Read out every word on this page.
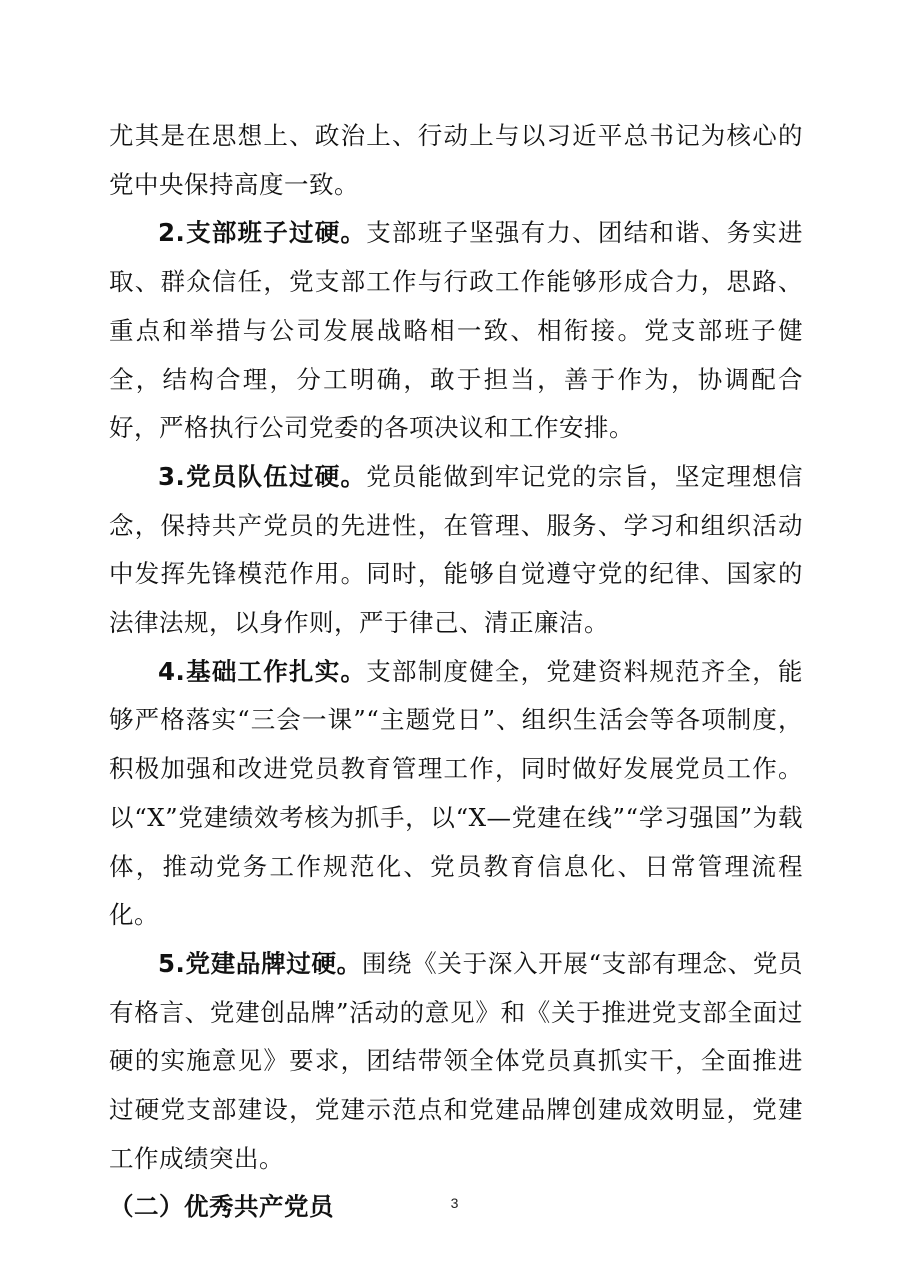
尤其是在思想上、政治上、行动上与以习近平总书记为核心的党中央保持高度一致。

2.支部班子过硬。支部班子坚强有力、团结和谐、务实进取、群众信任，党支部工作与行政工作能够形成合力，思路、重点和举措与公司发展战略相一致、相衔接。党支部班子健全，结构合理，分工明确，敢于担当，善于作为，协调配合好，严格执行公司党委的各项决议和工作安排。

3.党员队伍过硬。党员能做到牢记党的宗旨，坚定理想信念，保持共产党员的先进性，在管理、服务、学习和组织活动中发挥先锋模范作用。同时，能够自觉遵守党的纪律、国家的法律法规，以身作则，严于律己、清正廉洁。

4.基础工作扎实。支部制度健全，党建资料规范齐全，能够严格落实“三会一课”“主题党日”、组织生活会等各项制度，积极加强和改进党员教育管理工作，同时做好发展党员工作。以“X”党建绩效考核为抓手，以“X—党建在线”“学习强国”为载体，推动党务工作规范化、党员教育信息化、日常管理流程化。

5.党建品牌过硬。围绕《关于深入开展“支部有理念、党员有格言、党建创品牌”活动的意见》和《关于推进党支部全面过硬的实施意见》要求，团结带领全体党员真抓实干，全面推进过硬党支部建设，党建示范点和党建品牌创建成效明显，党建工作成绩突出。

（二）优秀共产党员	3
